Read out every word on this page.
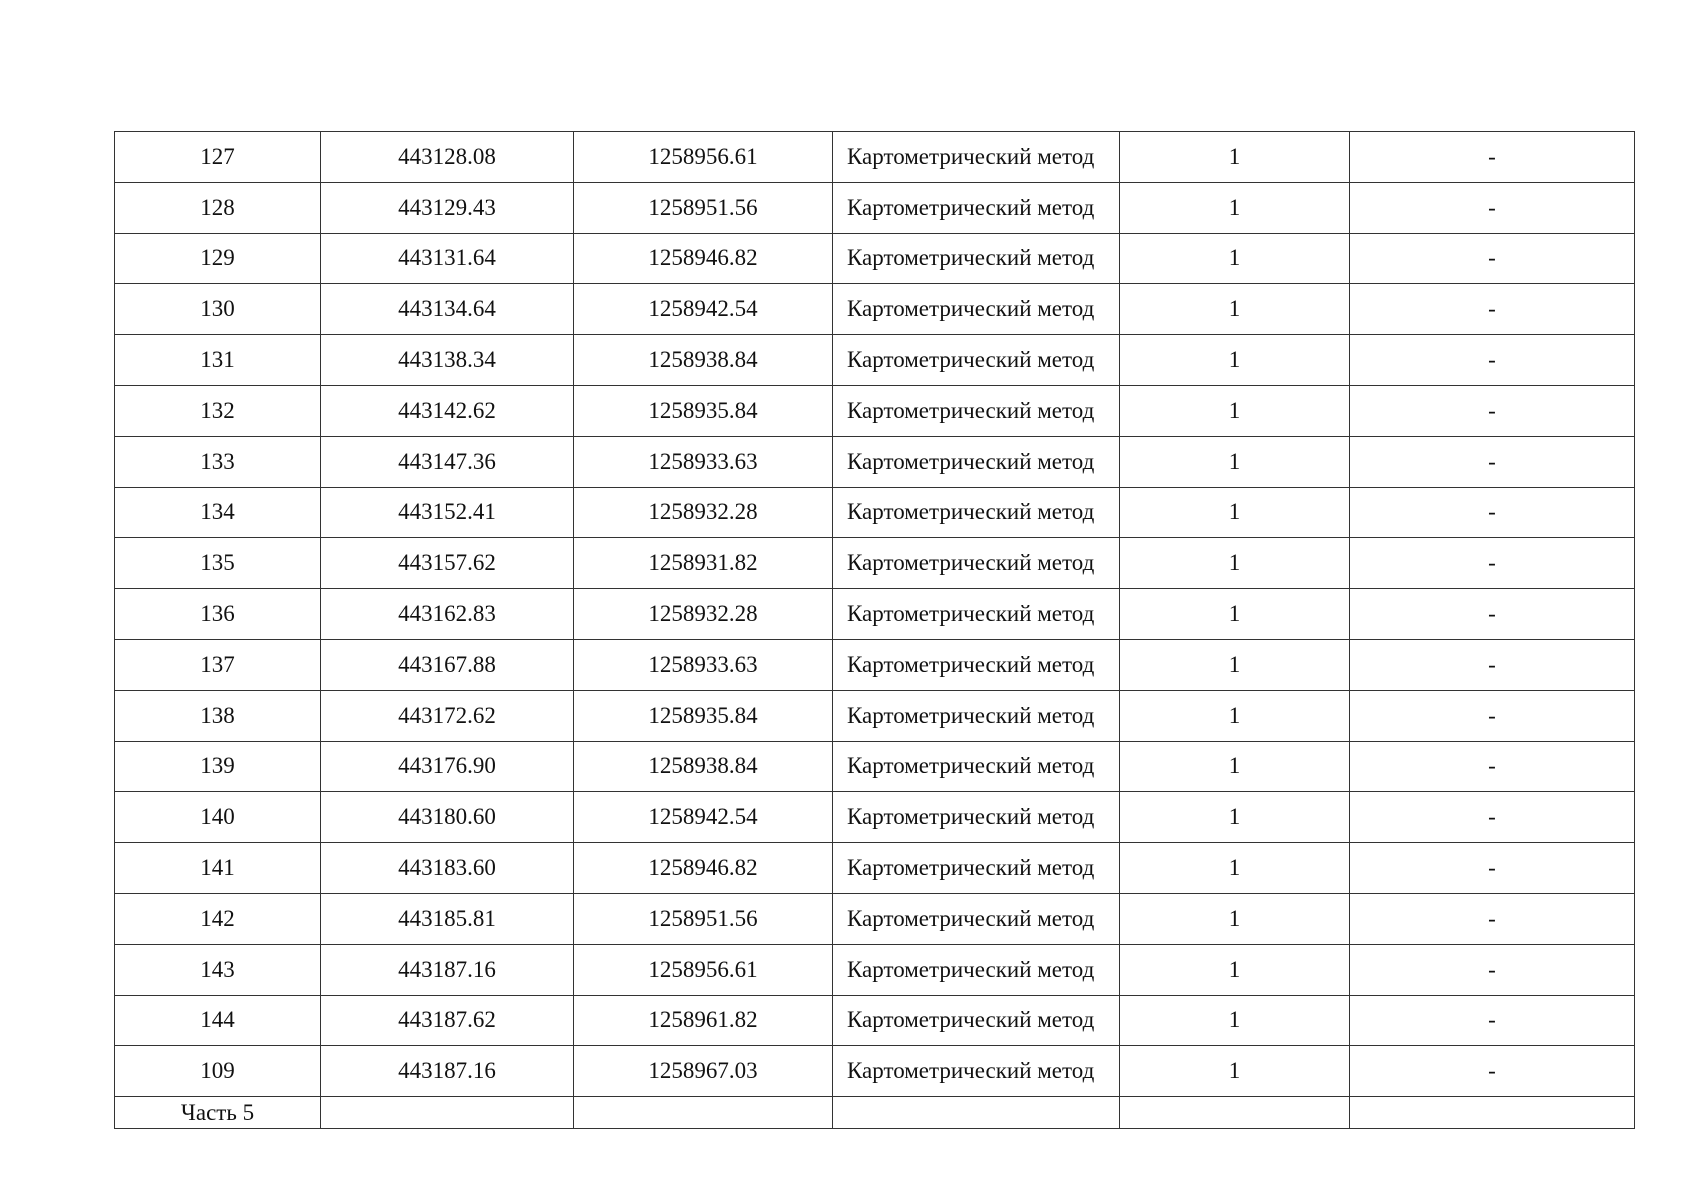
127	443128.08	1258956.61	Картометрический метод	1	-
128	443129.43	1258951.56	Картометрический метод	1	-
129	443131.64	1258946.82	Картометрический метод	1	-
130	443134.64	1258942.54	Картометрический метод	1	-
131	443138.34	1258938.84	Картометрический метод	1	-
132	443142.62	1258935.84	Картометрический метод	1	-
133	443147.36	1258933.63	Картометрический метод	1	-
134	443152.41	1258932.28	Картометрический метод	1	-
135	443157.62	1258931.82	Картометрический метод	1	-
136	443162.83	1258932.28	Картометрический метод	1	-
137	443167.88	1258933.63	Картометрический метод	1	-
138	443172.62	1258935.84	Картометрический метод	1	-
139	443176.90	1258938.84	Картометрический метод	1	-
140	443180.60	1258942.54	Картометрический метод	1	-
141	443183.60	1258946.82	Картометрический метод	1	-
142	443185.81	1258951.56	Картометрический метод	1	-
143	443187.16	1258956.61	Картометрический метод	1	-
144	443187.62	1258961.82	Картометрический метод	1	-
109	443187.16	1258967.03	Картометрический метод	1	-
Часть 5					
